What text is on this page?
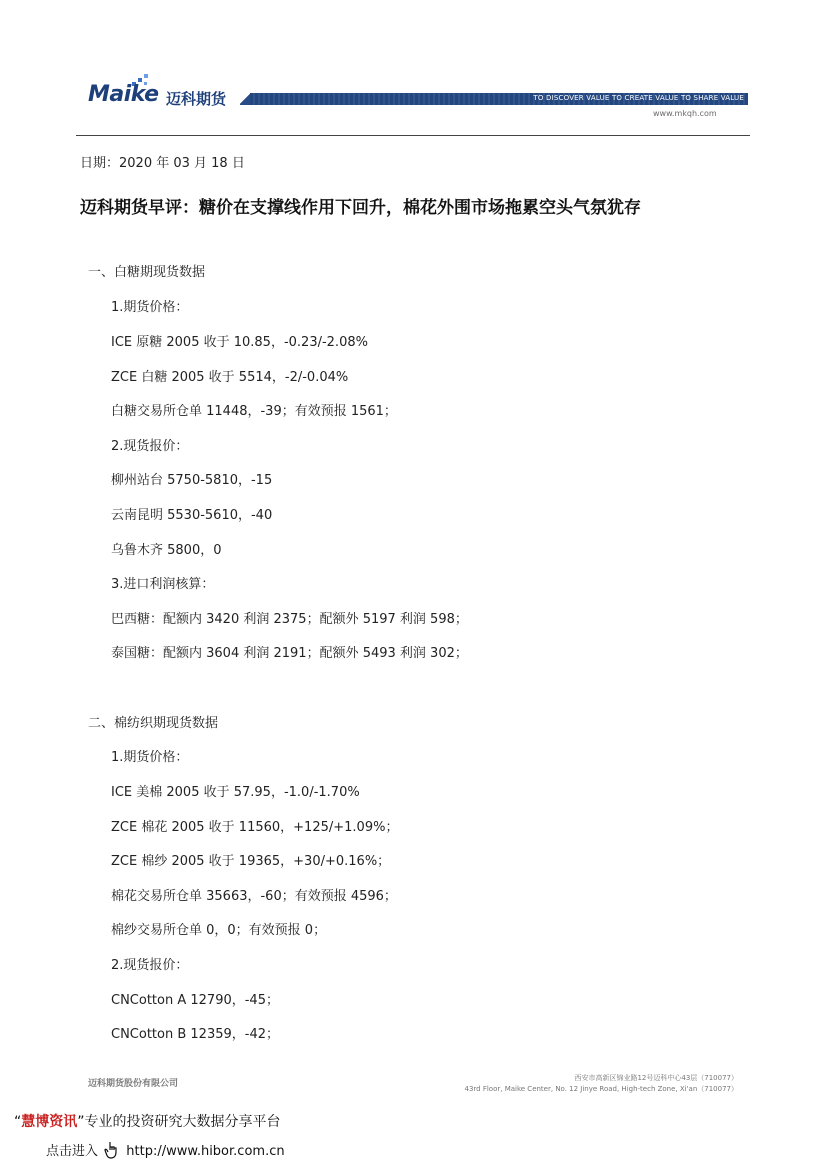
Maike 迈科期货	TO DISCOVER VALUE TO CREATE VALUE TO SHARE VALUE
www.mkqh.com
日期：2020 年 03 月 18 日
迈科期货早评：糖价在支撑线作用下回升，棉花外围市场拖累空头气氛犹存
一、白糖期现货数据
1.期货价格：
ICE 原糖 2005 收于 10.85，-0.23/-2.08%
ZCE 白糖 2005 收于 5514，-2/-0.04%
白糖交易所仓单 11448，-39；有效预报 1561；
2.现货报价：
柳州站台 5750-5810，-15
云南昆明 5530-5610，-40
乌鲁木齐 5800，0
3.进口利润核算：
巴西糖：配额内 3420 利润 2375；配额外 5197 利润 598；
泰国糖：配额内 3604 利润 2191；配额外 5493 利润 302；
二、棉纺织期现货数据
1.期货价格：
ICE 美棉 2005 收于 57.95，-1.0/-1.70%
ZCE 棉花 2005 收于 11560，+125/+1.09%；
ZCE 棉纱 2005 收于 19365，+30/+0.16%；
棉花交易所仓单 35663，-60；有效预报 4596；
棉纱交易所仓单 0，0；有效预报 0；
2.现货报价：
CNCotton A 12790，-45；
CNCotton B 12359，-42；
迈科期货股份有限公司
西安市高新区锦业路12号迈科中心43层（710077）
43rd Floor, Maike Center, No. 12 Jinye Road, High-tech Zone, Xi'an（710077）
“慧博资讯”专业的投资研究大数据分享平台
点击进入 http://www.hibor.com.cn
